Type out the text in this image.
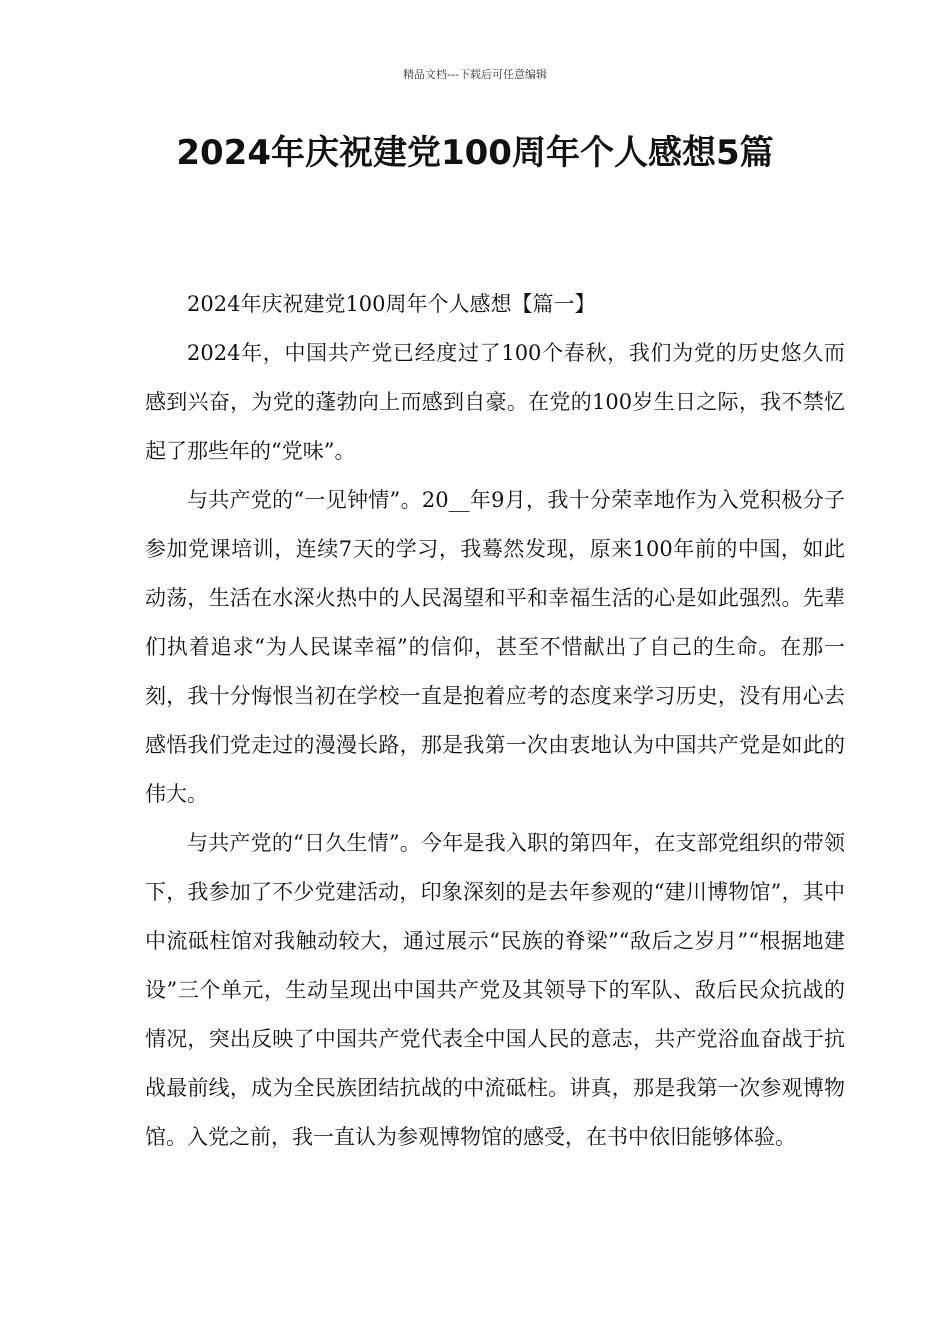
精品文档---下载后可任意编辑
2024年庆祝建党100周年个人感想5篇

2024年庆祝建党100周年个人感想【篇一】

2024年，中国共产党已经度过了100个春秋，我们为党的历史悠久而感到兴奋，为党的蓬勃向上而感到自豪。在党的100岁生日之际，我不禁忆起了那些年的“党味”。

与共产党的“一见钟情”。20__年9月，我十分荣幸地作为入党积极分子参加党课培训，连续7天的学习，我蓦然发现，原来100年前的中国，如此动荡，生活在水深火热中的人民渴望和平和幸福生活的心是如此强烈。先辈们执着追求“为人民谋幸福”的信仰，甚至不惜献出了自己的生命。在那一刻，我十分悔恨当初在学校一直是抱着应考的态度来学习历史，没有用心去感悟我们党走过的漫漫长路，那是我第一次由衷地认为中国共产党是如此的伟大。

与共产党的“日久生情”。今年是我入职的第四年，在支部党组织的带领下，我参加了不少党建活动，印象深刻的是去年参观的“建川博物馆”，其中中流砥柱馆对我触动较大，通过展示“民族的脊梁”“敌后之岁月”“根据地建设”三个单元，生动呈现出中国共产党及其领导下的军队、敌后民众抗战的情况，突出反映了中国共产党代表全中国人民的意志，共产党浴血奋战于抗战最前线，成为全民族团结抗战的中流砥柱。讲真，那是我第一次参观博物馆。入党之前，我一直认为参观博物馆的感受，在书中依旧能够体验。
